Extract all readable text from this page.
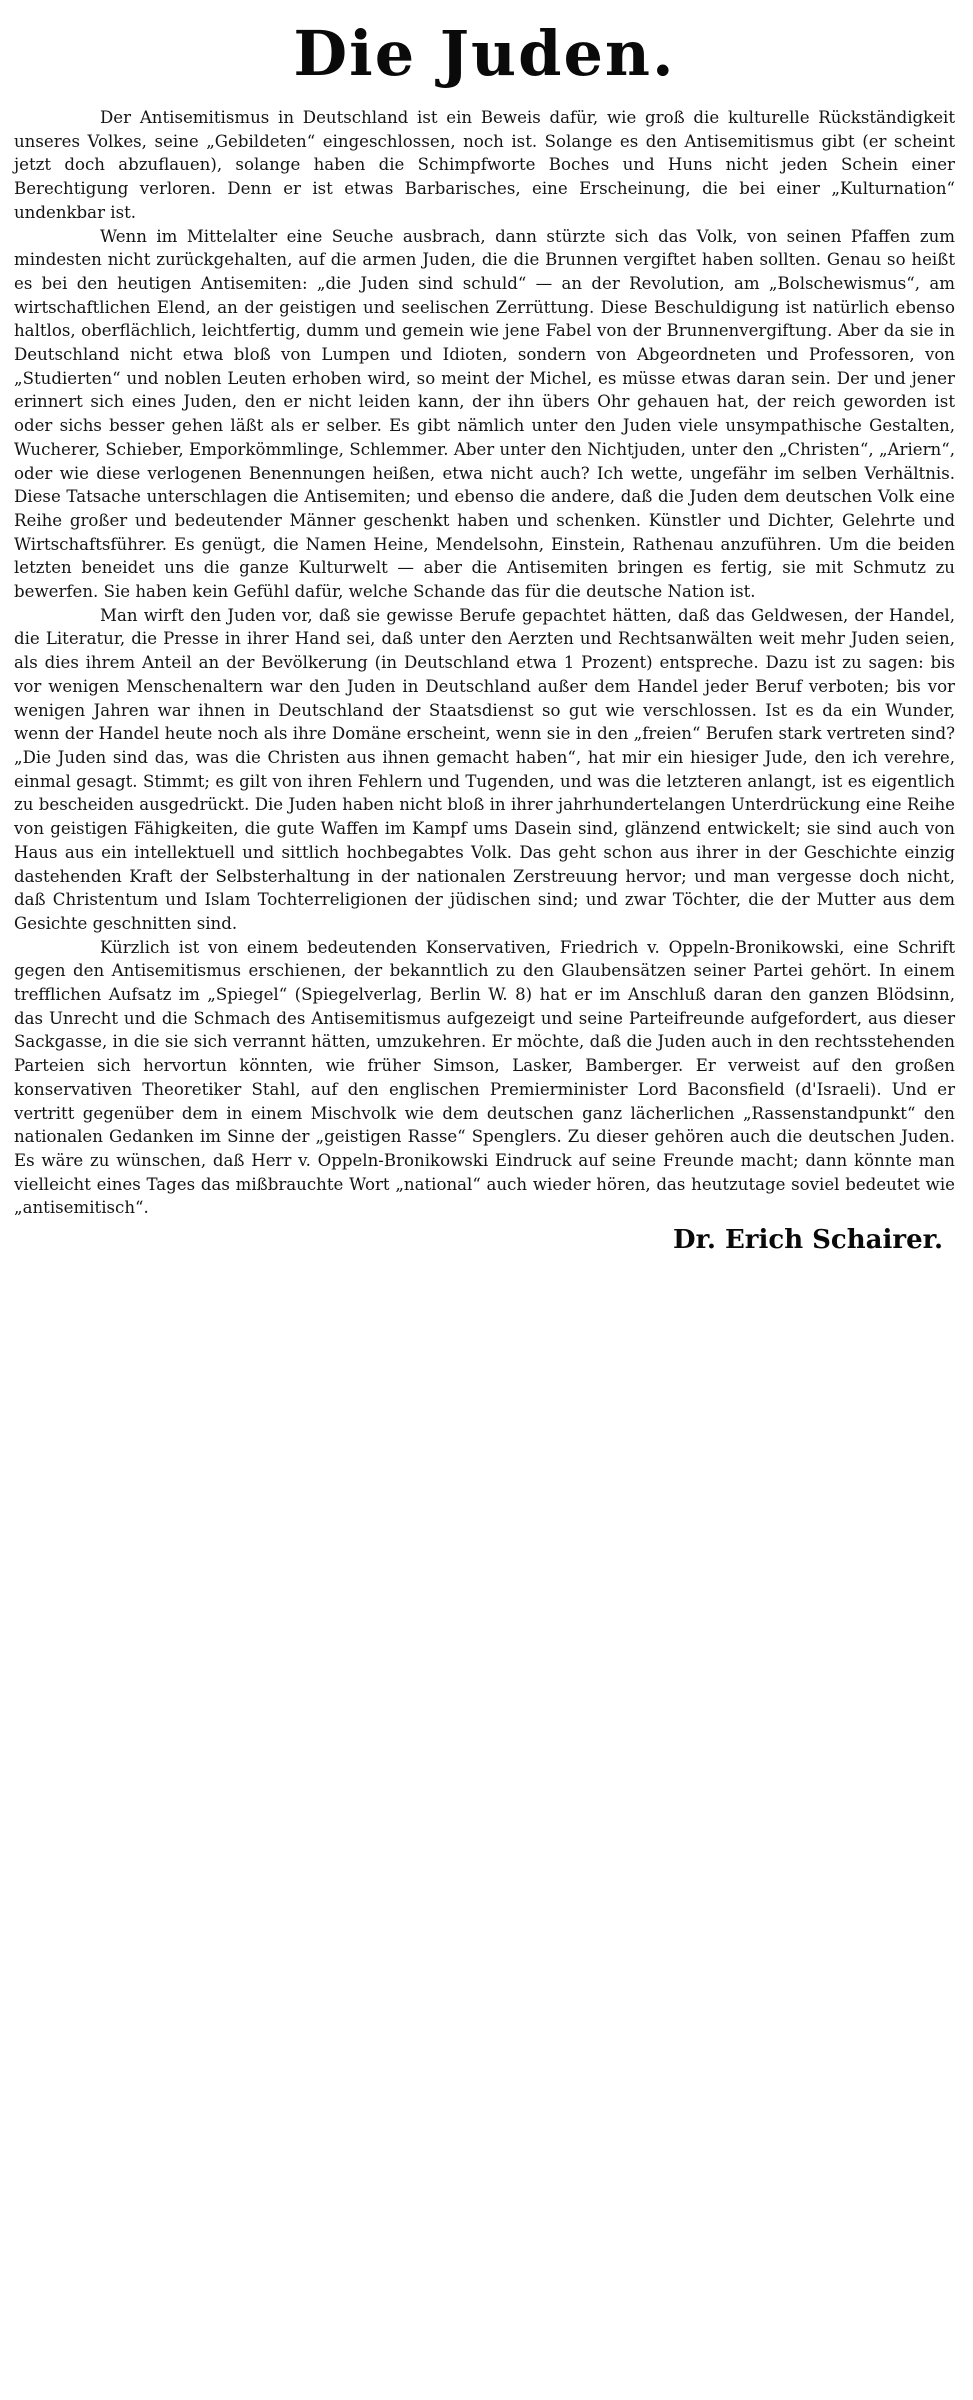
Die Juden.

Der Antisemitismus in Deutschland ist ein Beweis dafür, wie groß die kulturelle Rückständigkeit unseres Volkes, seine „Gebildeten“ eingeschlossen, noch ist. Solange es den Antisemitismus gibt (er scheint jetzt doch abzuflauen), solange haben die Schimpfworte Boches und Huns nicht jeden Schein einer Berechtigung verloren. Denn er ist etwas Barbarisches, eine Erscheinung, die bei einer „Kulturnation“ undenkbar ist.

Wenn im Mittelalter eine Seuche ausbrach, dann stürzte sich das Volk, von seinen Pfaffen zum mindesten nicht zurückgehalten, auf die armen Juden, die die Brunnen vergiftet haben sollten. Genau so heißt es bei den heutigen Antisemiten: „die Juden sind schuld“ — an der Revolution, am „Bolschewismus“, am wirtschaftlichen Elend, an der geistigen und seelischen Zerrüttung. Diese Beschuldigung ist natürlich ebenso haltlos, oberflächlich, leichtfertig, dumm und gemein wie jene Fabel von der Brunnenvergiftung. Aber da sie in Deutschland nicht etwa bloß von Lumpen und Idioten, sondern von Abgeordneten und Professoren, von „Studierten“ und noblen Leuten erhoben wird, so meint der Michel, es müsse etwas daran sein. Der und jener erinnert sich eines Juden, den er nicht leiden kann, der ihn übers Ohr gehauen hat, der reich geworden ist oder sichs besser gehen läßt als er selber. Es gibt nämlich unter den Juden viele unsympathische Gestalten, Wucherer, Schieber, Emporkömmlinge, Schlemmer. Aber unter den Nichtjuden, unter den „Christen“, „Ariern“, oder wie diese verlogenen Benennungen heißen, etwa nicht auch? Ich wette, ungefähr im selben Verhältnis. Diese Tatsache unterschlagen die Antisemiten; und ebenso die andere, daß die Juden dem deutschen Volk eine Reihe großer und bedeutender Männer geschenkt haben und schenken. Künstler und Dichter, Gelehrte und Wirtschaftsführer. Es genügt, die Namen Heine, Mendelsohn, Einstein, Rathenau anzuführen. Um die beiden letzten beneidet uns die ganze Kulturwelt — aber die Antisemiten bringen es fertig, sie mit Schmutz zu bewerfen. Sie haben kein Gefühl dafür, welche Schande das für die deutsche Nation ist.

Man wirft den Juden vor, daß sie gewisse Berufe gepachtet hätten, daß das Geldwesen, der Handel, die Literatur, die Presse in ihrer Hand sei, daß unter den Aerzten und Rechtsanwälten weit mehr Juden seien, als dies ihrem Anteil an der Bevölkerung (in Deutschland etwa 1 Prozent) entspreche. Dazu ist zu sagen: bis vor wenigen Menschenaltern war den Juden in Deutschland außer dem Handel jeder Beruf verboten; bis vor wenigen Jahren war ihnen in Deutschland der Staatsdienst so gut wie verschlossen. Ist es da ein Wunder, wenn der Handel heute noch als ihre Domäne erscheint, wenn sie in den „freien“ Berufen stark vertreten sind? „Die Juden sind das, was die Christen aus ihnen gemacht haben“, hat mir ein hiesiger Jude, den ich verehre, einmal gesagt. Stimmt; es gilt von ihren Fehlern und Tugenden, und was die letzteren anlangt, ist es eigentlich zu bescheiden ausgedrückt. Die Juden haben nicht bloß in ihrer jahrhundertelangen Unterdrückung eine Reihe von geistigen Fähigkeiten, die gute Waffen im Kampf ums Dasein sind, glänzend entwickelt; sie sind auch von Haus aus ein intellektuell und sittlich hochbegabtes Volk. Das geht schon aus ihrer in der Geschichte einzig dastehenden Kraft der Selbsterhaltung in der nationalen Zerstreuung hervor; und man vergesse doch nicht, daß Christentum und Islam Tochterreligionen der jüdischen sind; und zwar Töchter, die der Mutter aus dem Gesichte geschnitten sind.

Kürzlich ist von einem bedeutenden Konservativen, Friedrich v. Oppeln-Bronikowski, eine Schrift gegen den Antisemitismus erschienen, der bekanntlich zu den Glaubensätzen seiner Partei gehört. In einem trefflichen Aufsatz im „Spiegel“ (Spiegelverlag, Berlin W. 8) hat er im Anschluß daran den ganzen Blödsinn, das Unrecht und die Schmach des Antisemitismus aufgezeigt und seine Parteifreunde aufgefordert, aus dieser Sackgasse, in die sie sich verrannt hätten, umzukehren. Er möchte, daß die Juden auch in den rechtsstehenden Parteien sich hervortun könnten, wie früher Simson, Lasker, Bamberger. Er verweist auf den großen konservativen Theoretiker Stahl, auf den englischen Premierminister Lord Baconsfield (d'Israeli). Und er vertritt gegenüber dem in einem Mischvolk wie dem deutschen ganz lächerlichen „Rassenstandpunkt“ den nationalen Gedanken im Sinne der „geistigen Rasse“ Spenglers. Zu dieser gehören auch die deutschen Juden. Es wäre zu wünschen, daß Herr v. Oppeln-Bronikowski Eindruck auf seine Freunde macht; dann könnte man vielleicht eines Tages das mißbrauchte Wort „national“ auch wieder hören, das heutzutage soviel bedeutet wie „antisemitisch“.

Dr. Erich Schairer.
